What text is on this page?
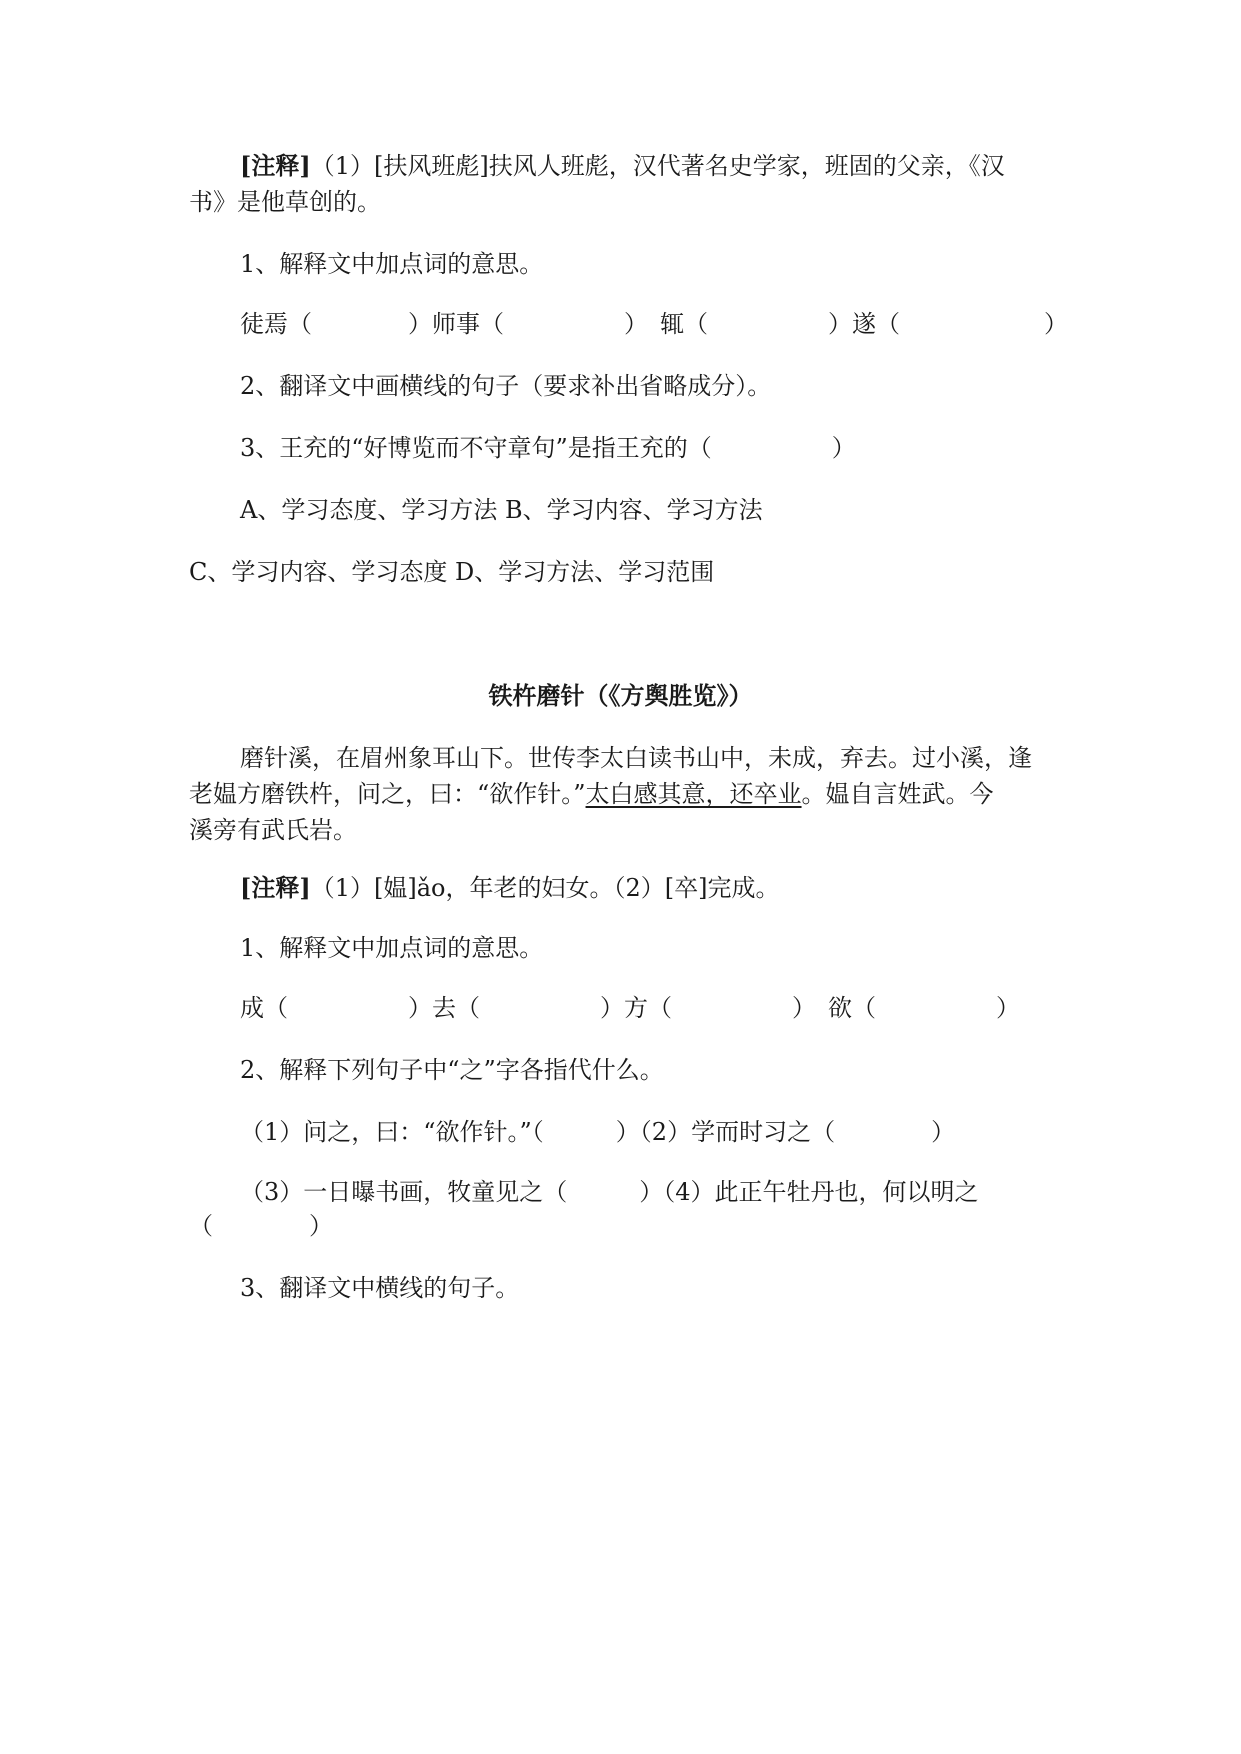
[注释]（1）[扶风班彪]扶风人班彪，汉代著名史学家，班固的父亲，《汉
书》是他草创的。
1、解释文中加点词的意思。
徒焉（　　　　）师事（　　　　　）　辄（　　　　　）遂（　　　　　　）
2、翻译文中画横线的句子（要求补出省略成分）。
3、王充的“好博览而不守章句”是指王充的（　　　　　）
A、学习态度、学习方法 B、学习内容、学习方法
C、学习内容、学习态度 D、学习方法、学习范围
铁杵磨针（《方舆胜览》）
磨针溪，在眉州象耳山下。世传李太白读书山中，未成，弃去。过小溪，逢
老媪方磨铁杵，问之，曰：“欲作针。”太白感其意，还卒业。媪自言姓武。今
溪旁有武氏岩。
[注释]（1）[媪]ǎo，年老的妇女。（2）[卒]完成。
1、解释文中加点词的意思。
成（　　　　　）去（　　　　　）方（　　　　　）　欲（　　　　　）
2、解释下列句子中“之”字各指代什么。
（1）问之，曰：“欲作针。”（　　　）（2）学而时习之（　　　　）
（3）一日曝书画，牧童见之（　　　）（4）此正午牡丹也，何以明之
（　　　　）
3、翻译文中横线的句子。
